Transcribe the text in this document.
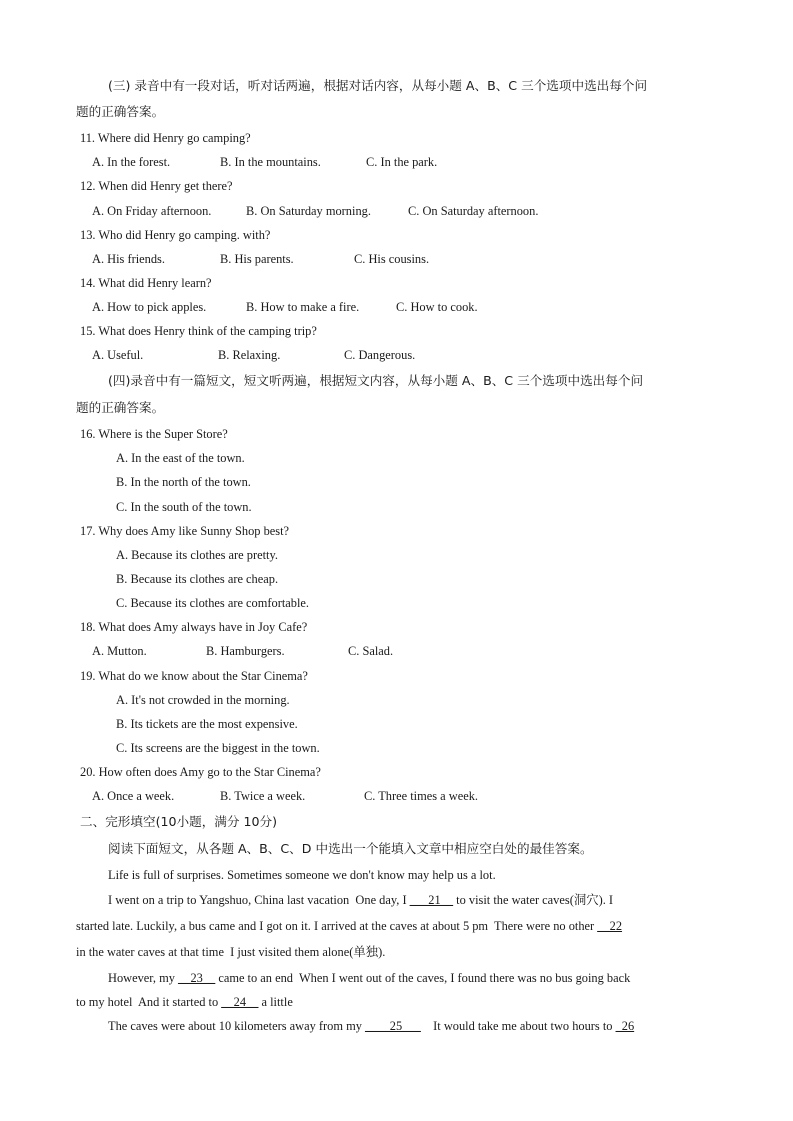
(三) 录音中有一段对话，听对话两遍，根据对话内容，从每小题 A、B、C 三个选项中选出每个问
题的正确答案。
11. Where did Henry go camping?
A. In the forest.	B. In the mountains.	C. In the park.
12. When did Henry get there?
A. On Friday afternoon.	B. On Saturday morning.	C. On Saturday afternoon.
13. Who did Henry go camping. with?
A. His friends.	B. His parents.	C. His cousins.
14. What did Henry learn?
A. How to pick apples.	B. How to make a fire.	C. How to cook.
15. What does Henry think of the camping trip?
A. Useful.	B. Relaxing.	C. Dangerous.
(四)录音中有一篇短文，短文听两遍，根据短文内容，从每小题 A、B、C 三个选项中选出每个问
题的正确答案。
16. Where is the Super Store?
A. In the east of the town.
B. In the north of the town.
C. In the south of the town.
17. Why does Amy like Sunny Shop best?
A. Because its clothes are pretty.
B. Because its clothes are cheap.
C. Because its clothes are comfortable.
18. What does Amy always have in Joy Cafe?
A. Mutton.	B. Hamburgers.	C. Salad.
19. What do we know about the Star Cinema?
A. It's not crowded in the morning.
B. Its tickets are the most expensive.
C. Its screens are the biggest in the town.
20. How often does Amy go to the Star Cinema?
A. Once a week.	B. Twice a week.	C. Three times a week.
二、完形填空(10小题，满分 10分)
阅读下面短文，从各题 A、B、C、D 中选出一个能填入文章中相应空白处的最佳答案。
Life is full of surprises. Sometimes someone we don't know may help us a lot.
I went on a trip to Yangshuo, China last vacation  One day, I ___21__ to visit the water caves(洞穴). I
started late. Luckily, a bus came and I got on it. I arrived at the caves at about 5 pm  There were no other __22
in the water caves at that time  I just visited them alone(单独).
However, my __23__ came to an end  When I went out of the caves, I found there was no bus going back
to my hotel  And it started to __24__ a little
The caves were about 10 kilometers away from my ____25___    It would take me about two hours to _26
